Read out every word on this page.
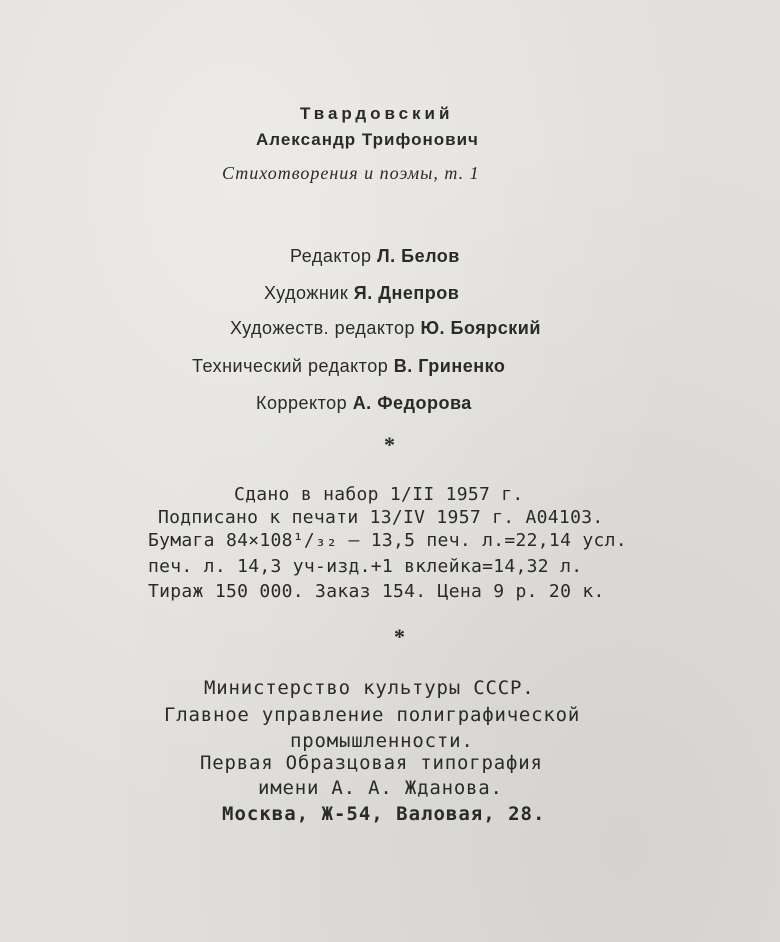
Твардовский
Александр Трифонович
Стихотворения и поэмы, т. 1
Редактор Л. Белов
Художник Я. Днепров
Художеств. редактор Ю. Боярский
Технический редактор В. Гриненко
Корректор А. Федорова
*
Сдано в набор 1/II 1957 г.
Подписано к печати 13/IV 1957 г. А04103.
Бумага 84×108¹/₃₂ — 13,5 печ. л.=22,14 усл.
печ. л. 14,3 уч-изд.+1 вклейка=14,32 л.
Тираж 150 000. Заказ 154. Цена 9 р. 20 к.
*
Министерство культуры СССР.
Главное управление полиграфической
промышленности.
Первая Образцовая типография
имени А. А. Жданова.
Москва, Ж-54, Валовая, 28.
